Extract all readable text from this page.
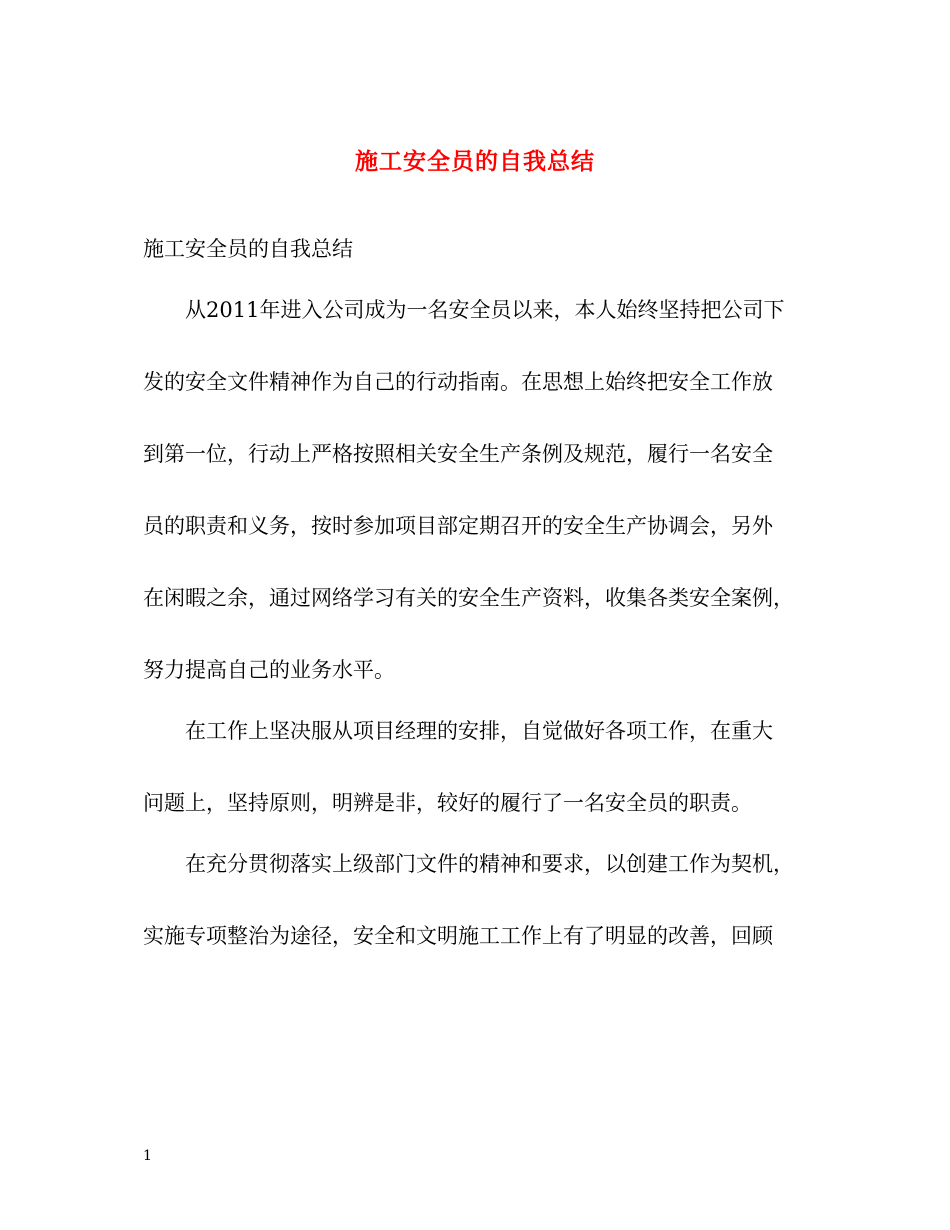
施工安全员的自我总结
施工安全员的自我总结
从2011年进入公司成为一名安全员以来，本人始终坚持把公司下
发的安全文件精神作为自己的行动指南。在思想上始终把安全工作放
到第一位，行动上严格按照相关安全生产条例及规范，履行一名安全
员的职责和义务，按时参加项目部定期召开的安全生产协调会，另外
在闲暇之余，通过网络学习有关的安全生产资料，收集各类安全案例，
努力提高自己的业务水平。
在工作上坚决服从项目经理的安排，自觉做好各项工作，在重大
问题上，坚持原则，明辨是非，较好的履行了一名安全员的职责。
在充分贯彻落实上级部门文件的精神和要求，以创建工作为契机，
实施专项整治为途径，安全和文明施工工作上有了明显的改善，回顾
1
